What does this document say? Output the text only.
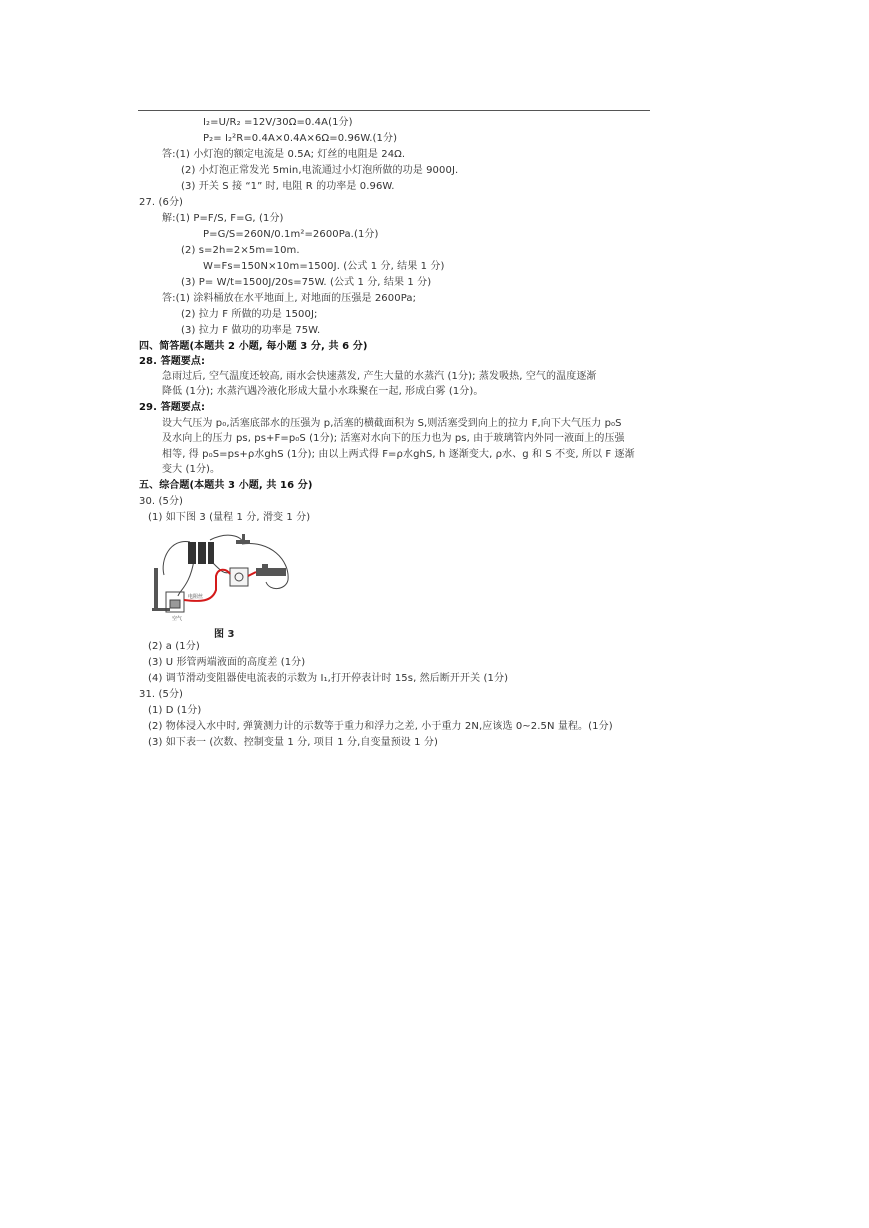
I₂=U/R₂ =12V/30Ω=0.4A(1分)
P₂= I₂²R=0.4A×0.4A×6Ω=0.96W.(1分)
答:(1) 小灯泡的额定电流是 0.5A; 灯丝的电阻是 24Ω.
(2) 小灯泡正常发光 5min,电流通过小灯泡所做的功是 9000J.
(3) 开关 S 接 “1” 时, 电阻 R 的功率是 0.96W.
27. (6分)
解:(1) P=F/S, F=G, (1分)
P=G/S=260N/0.1m²=2600Pa.(1分)
(2) s=2h=2×5m=10m.
W=Fs=150N×10m=1500J. (公式 1 分, 结果 1 分)
(3) P= W/t=1500J/20s=75W. (公式 1 分, 结果 1 分)
答:(1) 涂料桶放在水平地面上, 对地面的压强是 2600Pa;
(2) 拉力 F 所做的功是 1500J;
(3) 拉力 F 做功的功率是 75W.
四、简答题(本题共 2 小题, 每小题 3 分, 共 6 分)
28. 答题要点:
急雨过后, 空气温度还较高, 雨水会快速蒸发, 产生大量的水蒸汽 (1分); 蒸发吸热, 空气的温度逐渐
降低 (1分); 水蒸汽遇冷液化形成大量小水珠聚在一起, 形成白雾 (1分)。
29. 答题要点:
设大气压为 p₀,活塞底部水的压强为 p,活塞的横截面积为 S,则活塞受到向上的拉力 F,向下大气压力 p₀S
及水向上的压力 ps, ps+F=p₀S (1分); 活塞对水向下的压力也为 ps, 由于玻璃管内外同一液面上的压强
相等, 得 p₀S=ps+ρ水ghS (1分); 由以上两式得 F=ρ水ghS, h 逐渐变大, ρ水、g 和 S 不变, 所以 F 逐渐
变大 (1分)。
五、综合题(本题共 3 小题, 共 16 分)
30. (5分)
(1) 如下图 3 (量程 1 分, 滑变 1 分)
电阻丝
空气
图 3
(2) a (1分)
(3) U 形管两端液面的高度差 (1分)
(4) 调节滑动变阻器使电流表的示数为 I₁,打开停表计时 15s, 然后断开开关 (1分)
31. (5分)
(1) D (1分)
(2) 物体浸入水中时, 弹簧测力计的示数等于重力和浮力之差, 小于重力 2N,应该选 0~2.5N 量程。(1分)
(3) 如下表一 (次数、控制变量 1 分, 项目 1 分,自变量预设 1 分)
